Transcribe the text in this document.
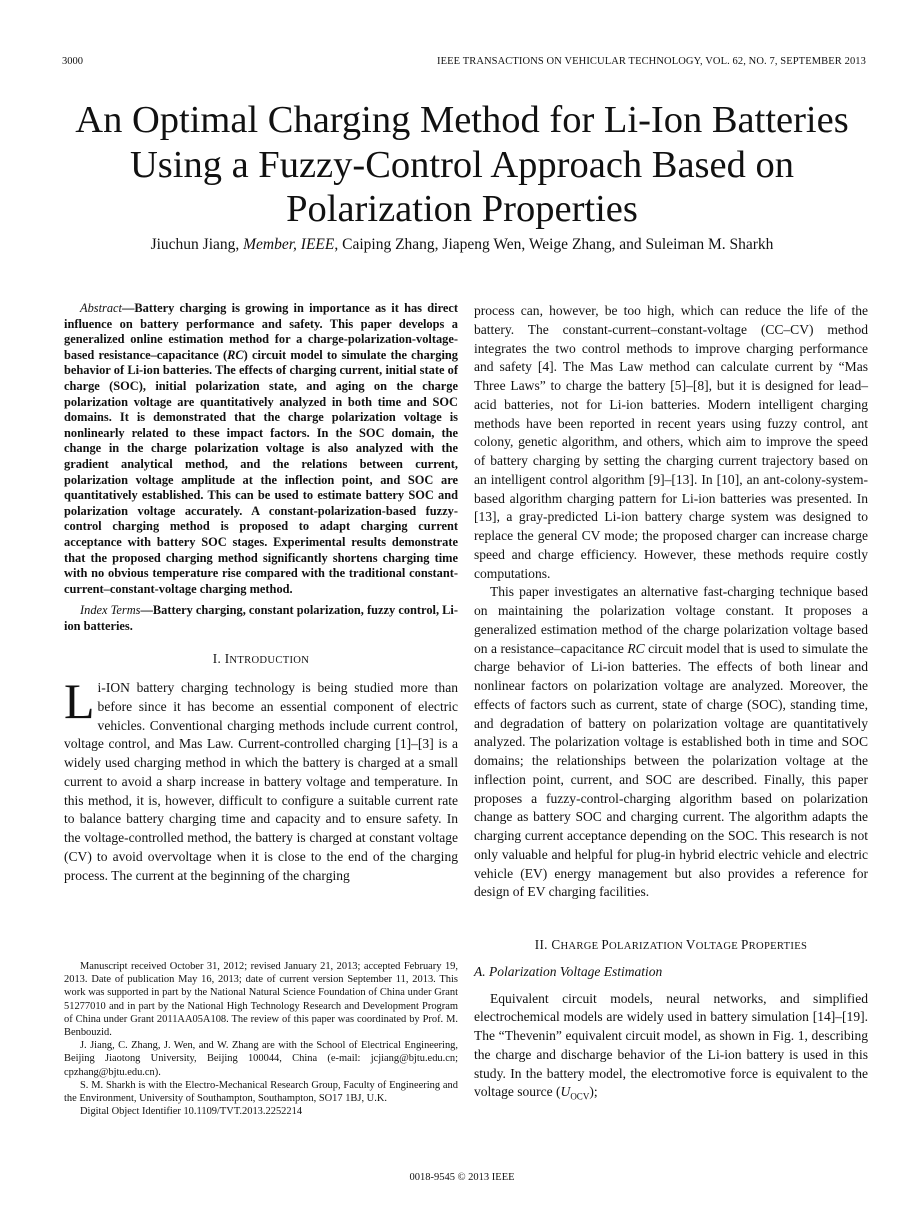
3000	IEEE TRANSACTIONS ON VEHICULAR TECHNOLOGY, VOL. 62, NO. 7, SEPTEMBER 2013
An Optimal Charging Method for Li-Ion Batteries
Using a Fuzzy-Control Approach Based on
Polarization Properties
Jiuchun Jiang, Member, IEEE, Caiping Zhang, Jiapeng Wen, Weige Zhang, and Suleiman M. Sharkh

Abstract—Battery charging is growing in importance as it has direct influence on battery performance and safety. This paper develops a generalized online estimation method for a charge-polarization-voltage-based resistance–capacitance (RC) circuit model to simulate the charging behavior of Li-ion batteries. The effects of charging current, initial state of charge (SOC), initial polarization state, and aging on the charge polarization voltage are quantitatively analyzed in both time and SOC domains. It is demonstrated that the charge polarization voltage is nonlinearly related to these impact factors. In the SOC domain, the change in the charge polarization voltage is also analyzed with the gradient analytical method, and the relations between current, polarization voltage amplitude at the inflection point, and SOC are quantitatively established. This can be used to estimate battery SOC and polarization voltage accurately. A constant-polarization-based fuzzy-control charging method is proposed to adapt charging current acceptance with battery SOC stages. Experimental results demonstrate that the proposed charging method significantly shortens charging time with no obvious temperature rise compared with the traditional constant-current–constant-voltage charging method.

Index Terms—Battery charging, constant polarization, fuzzy control, Li-ion batteries.

I. INTRODUCTION

Li-ION battery charging technology is being studied more than before since it has become an essential component of electric vehicles. Conventional charging methods include current control, voltage control, and Mas Law. Current-controlled charging [1]–[3] is a widely used charging method in which the battery is charged at a small current to avoid a sharp increase in battery voltage and temperature. In this method, it is, however, difficult to configure a suitable current rate to balance battery charging time and capacity and to ensure safety. In the voltage-controlled method, the battery is charged at constant voltage (CV) to avoid overvoltage when it is close to the end of the charging process. The current at the beginning of the charging

Manuscript received October 31, 2012; revised January 21, 2013; accepted February 19, 2013. Date of publication May 16, 2013; date of current version September 11, 2013. This work was supported in part by the National Natural Science Foundation of China under Grant 51277010 and in part by the National High Technology Research and Development Program of China under Grant 2011AA05A108. The review of this paper was coordinated by Prof. M. Benbouzid.

J. Jiang, C. Zhang, J. Wen, and W. Zhang are with the School of Electrical Engineering, Beijing Jiaotong University, Beijing 100044, China (e-mail: jcjiang@bjtu.edu.cn; cpzhang@bjtu.edu.cn).

S. M. Sharkh is with the Electro-Mechanical Research Group, Faculty of Engineering and the Environment, University of Southampton, Southampton, SO17 1BJ, U.K.

Digital Object Identifier 10.1109/TVT.2013.2252214

process can, however, be too high, which can reduce the life of the battery. The constant-current–constant-voltage (CC–CV) method integrates the two control methods to improve charging performance and safety [4]. The Mas Law method can calculate current by “Mas Three Laws” to charge the battery [5]–[8], but it is designed for lead–acid batteries, not for Li-ion batteries. Modern intelligent charging methods have been reported in recent years using fuzzy control, ant colony, genetic algorithm, and others, which aim to improve the speed of battery charging by setting the charging current trajectory based on an intelligent control algorithm [9]–[13]. In [10], an ant-colony-system-based algorithm charging pattern for Li-ion batteries was presented. In [13], a gray-predicted Li-ion battery charge system was designed to replace the general CV mode; the proposed charger can increase charge speed and charge efficiency. However, these methods require costly computations.

This paper investigates an alternative fast-charging technique based on maintaining the polarization voltage constant. It proposes a generalized estimation method of the charge polarization voltage based on a resistance–capacitance RC circuit model that is used to simulate the charge behavior of Li-ion batteries. The effects of both linear and nonlinear factors on polarization voltage are analyzed. Moreover, the effects of factors such as current, state of charge (SOC), standing time, and degradation of battery on polarization voltage are quantitatively analyzed. The polarization voltage is established both in time and SOC domains; the relationships between the polarization voltage at the inflection point, current, and SOC are described. Finally, this paper proposes a fuzzy-control-charging algorithm based on polarization change as battery SOC and charging current. The algorithm adapts the charging current acceptance depending on the SOC. This research is not only valuable and helpful for plug-in hybrid electric vehicle and electric vehicle (EV) energy management but also provides a reference for design of EV charging facilities.

II. CHARGE POLARIZATION VOLTAGE PROPERTIES
A. Polarization Voltage Estimation

Equivalent circuit models, neural networks, and simplified electrochemical models are widely used in battery simulation [14]–[19]. The “Thevenin” equivalent circuit model, as shown in Fig. 1, describing the charge and discharge behavior of the Li-ion battery is used in this study. In the battery model, the electromotive force is equivalent to the voltage source $(U_{OCV})$;

0018-9545 © 2013 IEEE
